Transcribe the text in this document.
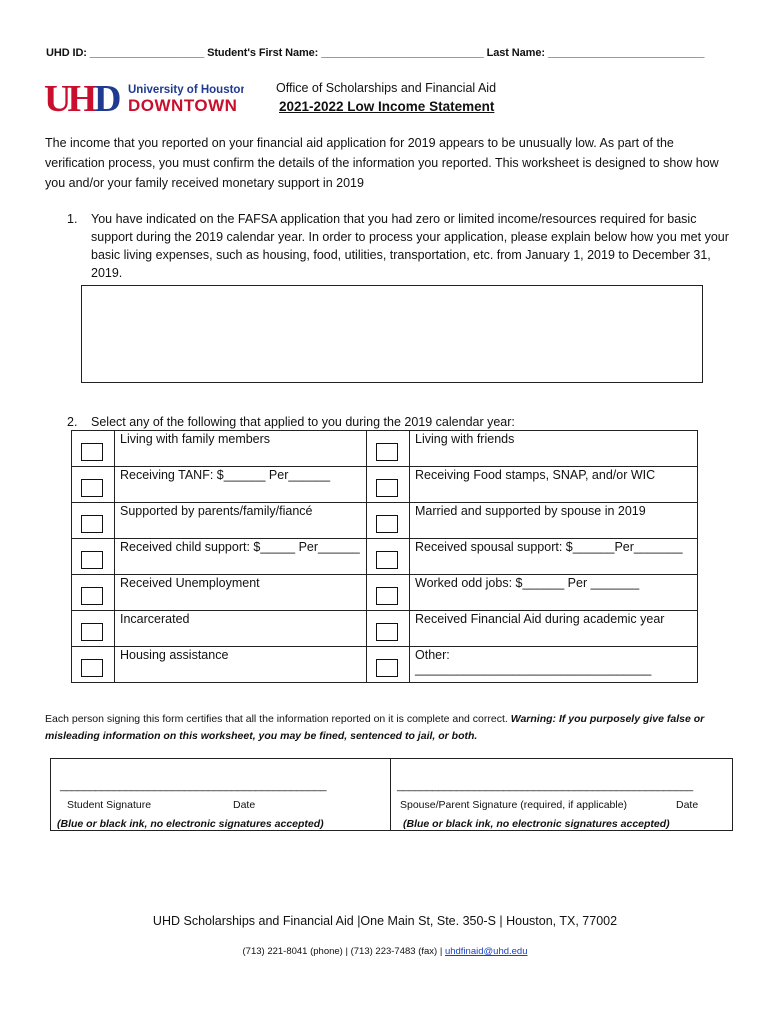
UHD ID: ___________________ Student's First Name: ___________________________ Last Name: __________________________
UH D University of Houston
DOWNTOWN
Office of Scholarships and Financial Aid
2021-2022 Low Income Statement
The income that you reported on your financial aid application for 2019 appears to be unusually low. As part of the verification process, you must confirm the details of the information you reported. This worksheet is designed to show how you and/or your family received monetary support in 2019
1.	You have indicated on the FAFSA application that you had zero or limited income/resources required for basic support during the 2019 calendar year. In order to process your application, please explain below how you met your basic living expenses, such as housing, food, utilities, transportation, etc. from January 1, 2019 to December 31, 2019.
2.	Select any of the following that applied to you during the 2019 calendar year:
	Living with family members		Living with friends

	Receiving TANF: $______ Per______		Receiving Food stamps, SNAP, and/or WIC

	Supported by parents/family/fiancé		Married and supported by spouse in 2019

	Received child support: $_____ Per______		Received spousal support: $______Per_______

	Received Unemployment		Worked odd jobs: $______ Per _______

	Incarcerated		Received Financial Aid during academic year

	Housing assistance		Other:
__________________________________
Each person signing this form certifies that all the information reported on it is complete and correct. Warning: If you purposely give false or misleading information on this worksheet, you may be fined, sentenced to jail, or both.
_____________________________________________
Student Signature	Date
(Blue or black ink, no electronic signatures accepted)
__________________________________________________
Spouse/Parent Signature (required, if applicable)	Date
(Blue or black ink, no electronic signatures accepted)
UHD Scholarships and Financial Aid |One Main St, Ste. 350-S | Houston, TX, 77002
(713) 221-8041 (phone) | (713) 223-7483 (fax) | uhdfinaid@uhd.edu
